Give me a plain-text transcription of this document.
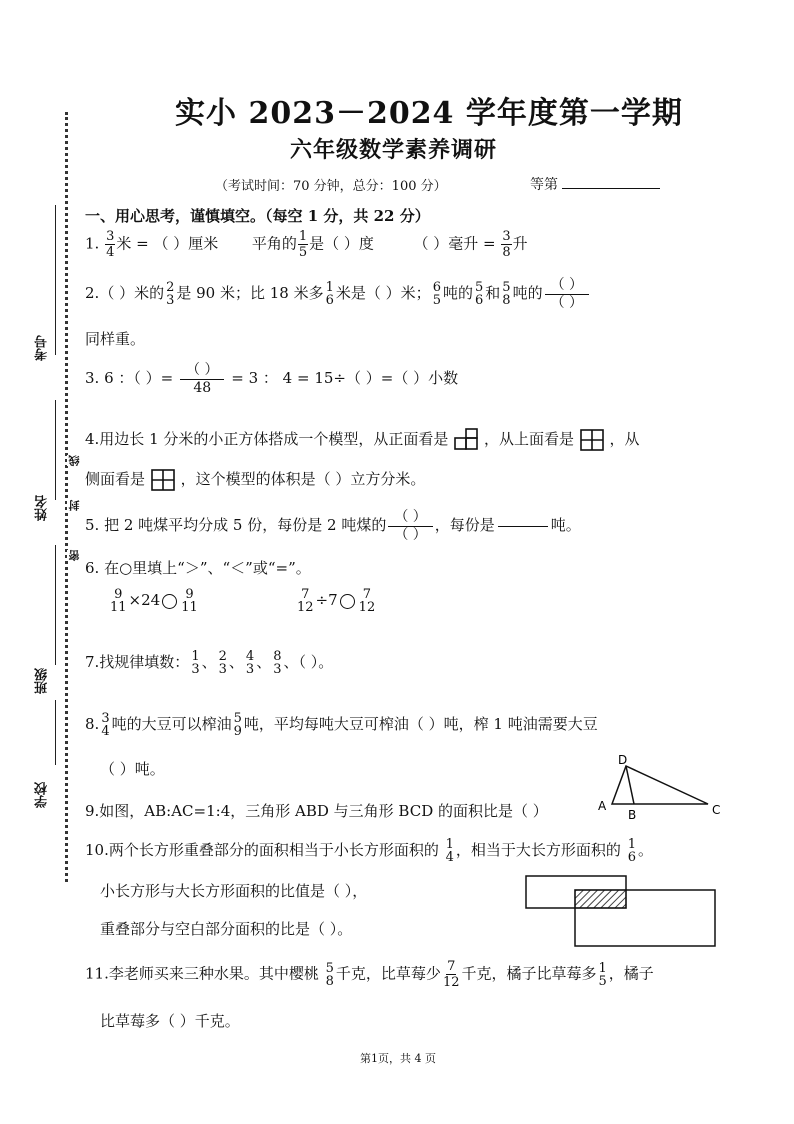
考号
姓名
班级
学校
密
封
线
实小 2023－2024 学年度第一学期
六年级数学素养调研
（考试时间：70 分钟，总分：100 分）	等第
一、用心思考，谨慎填空。（每空 1 分，共 22 分）
1. $\frac{3}{4}$ 米 = （ ）厘米 平角的 $\frac{1}{5}$ 是（ ）度	（ ）毫升 = $\frac{3}{8}$ 升
2.（ ）米的 2
3 是 90 米；比 18 米多 1
6 米是（ ）米； 6
5 吨的 5
6 和 5
8 吨的 （ ）
（ ）
同样重。
3. 6 ：（ ）= （ ）
48
= 3 ： 4 = 15÷（ ）=（ ）小数
4.用边长 1 分米的小正方体搭成一个模型，从正面看是 ，从上面看是 ，从
侧面看是 ，这个模型的体积是（ ）立方分米。
5. 把 2 吨煤平均分成 5 份，每份是 2 吨煤的 （ ）
（ ）
，每份是	吨。
6. 在○里填上“＞”、“＜”或“=”。
9
11 ×24 9
11
7
12 ÷7 7
12
7.找规律填数： 1
3 、 2
3 、 4
3 、 8
3 、（ ）。
8. 3
4 吨的大豆可以榨油 5
9 吨，平均每吨大豆可榨油（ ）吨，榨 1 吨油需要大豆
（ ）吨。
9.如图，AB:AC=1:4，三角形 ABD 与三角形 BCD 的面积比是（ ）
D
A
B	C
10.两个长方形重叠部分的面积相当于小长方形面积的 1
4 ，相当于大长方形面积的 1
6 。
小长方形与大长方形面积的比值是（ ），
重叠部分与空白部分面积的比是（ ）。
11.李老师买来三种水果。其中樱桃 5
8 千克，比草莓少 $\frac{7}{12}$ 千克，橘子比草莓多 1
5 ，橘子
比草莓多（ ）千克。
第1页，共 4 页
